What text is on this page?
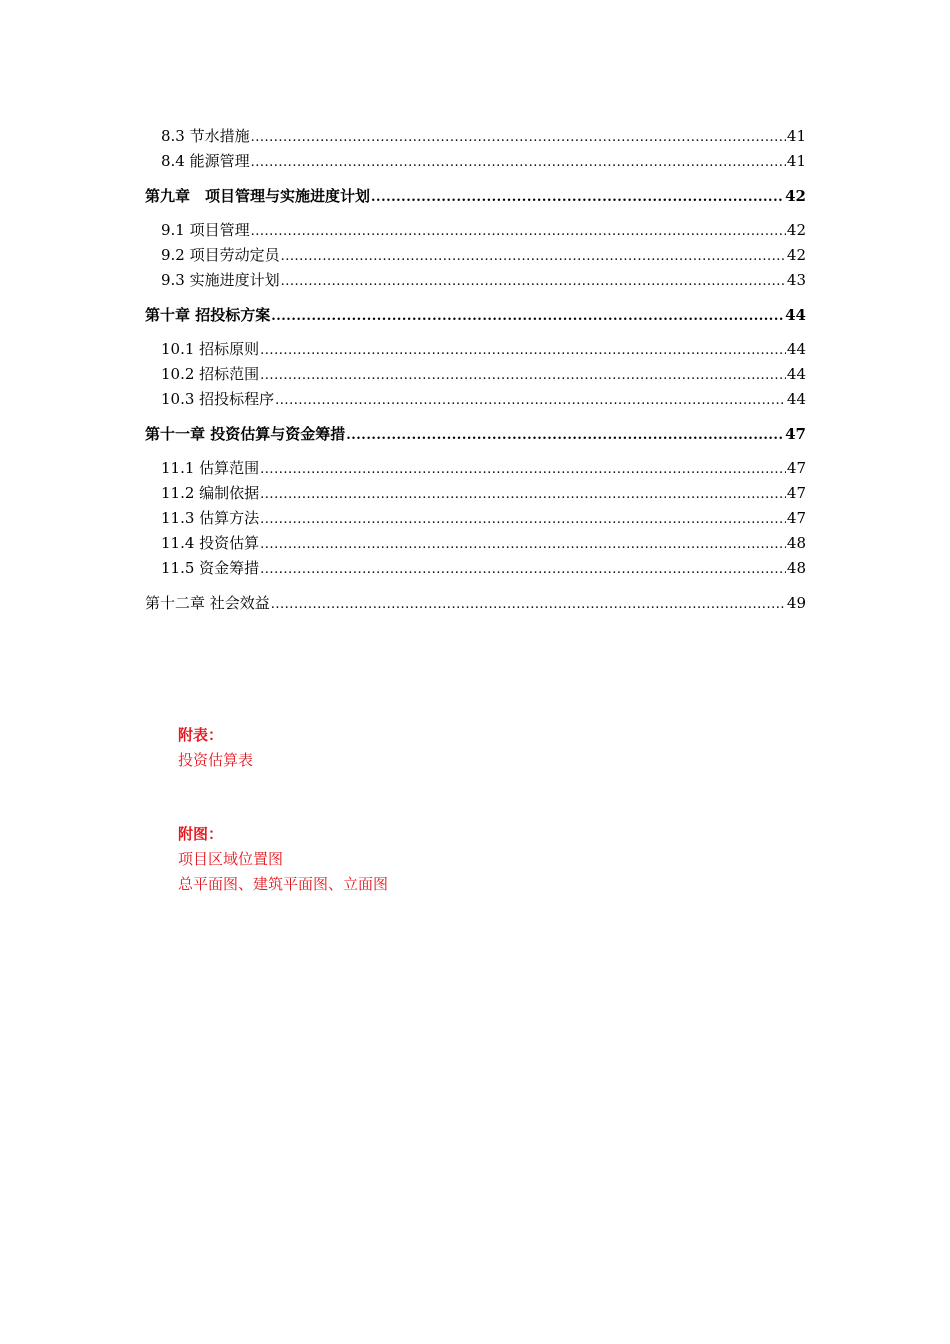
8.3 节水措施 .....	41
8.4 能源管理 .....	41
第九章　项目管理与实施进度计划 .....	42
9.1 项目管理 .....	42
9.2 项目劳动定员 .....	42
9.3 实施进度计划 .....	43
第十章 招投标方案 .....	44
10.1 招标原则 .....	44
10.2 招标范围 .....	44
10.3 招投标程序 .....	44
第十一章 投资估算与资金筹措 .....	47
11.1 估算范围 .....	47
11.2 编制依据 .....	47
11.3 估算方法 .....	47
11.4 投资估算 .....	48
11.5 资金筹措 .....	48
第十二章 社会效益 .....	49
附表：
投资估算表
附图：
项目区域位置图
总平面图、建筑平面图、立面图
